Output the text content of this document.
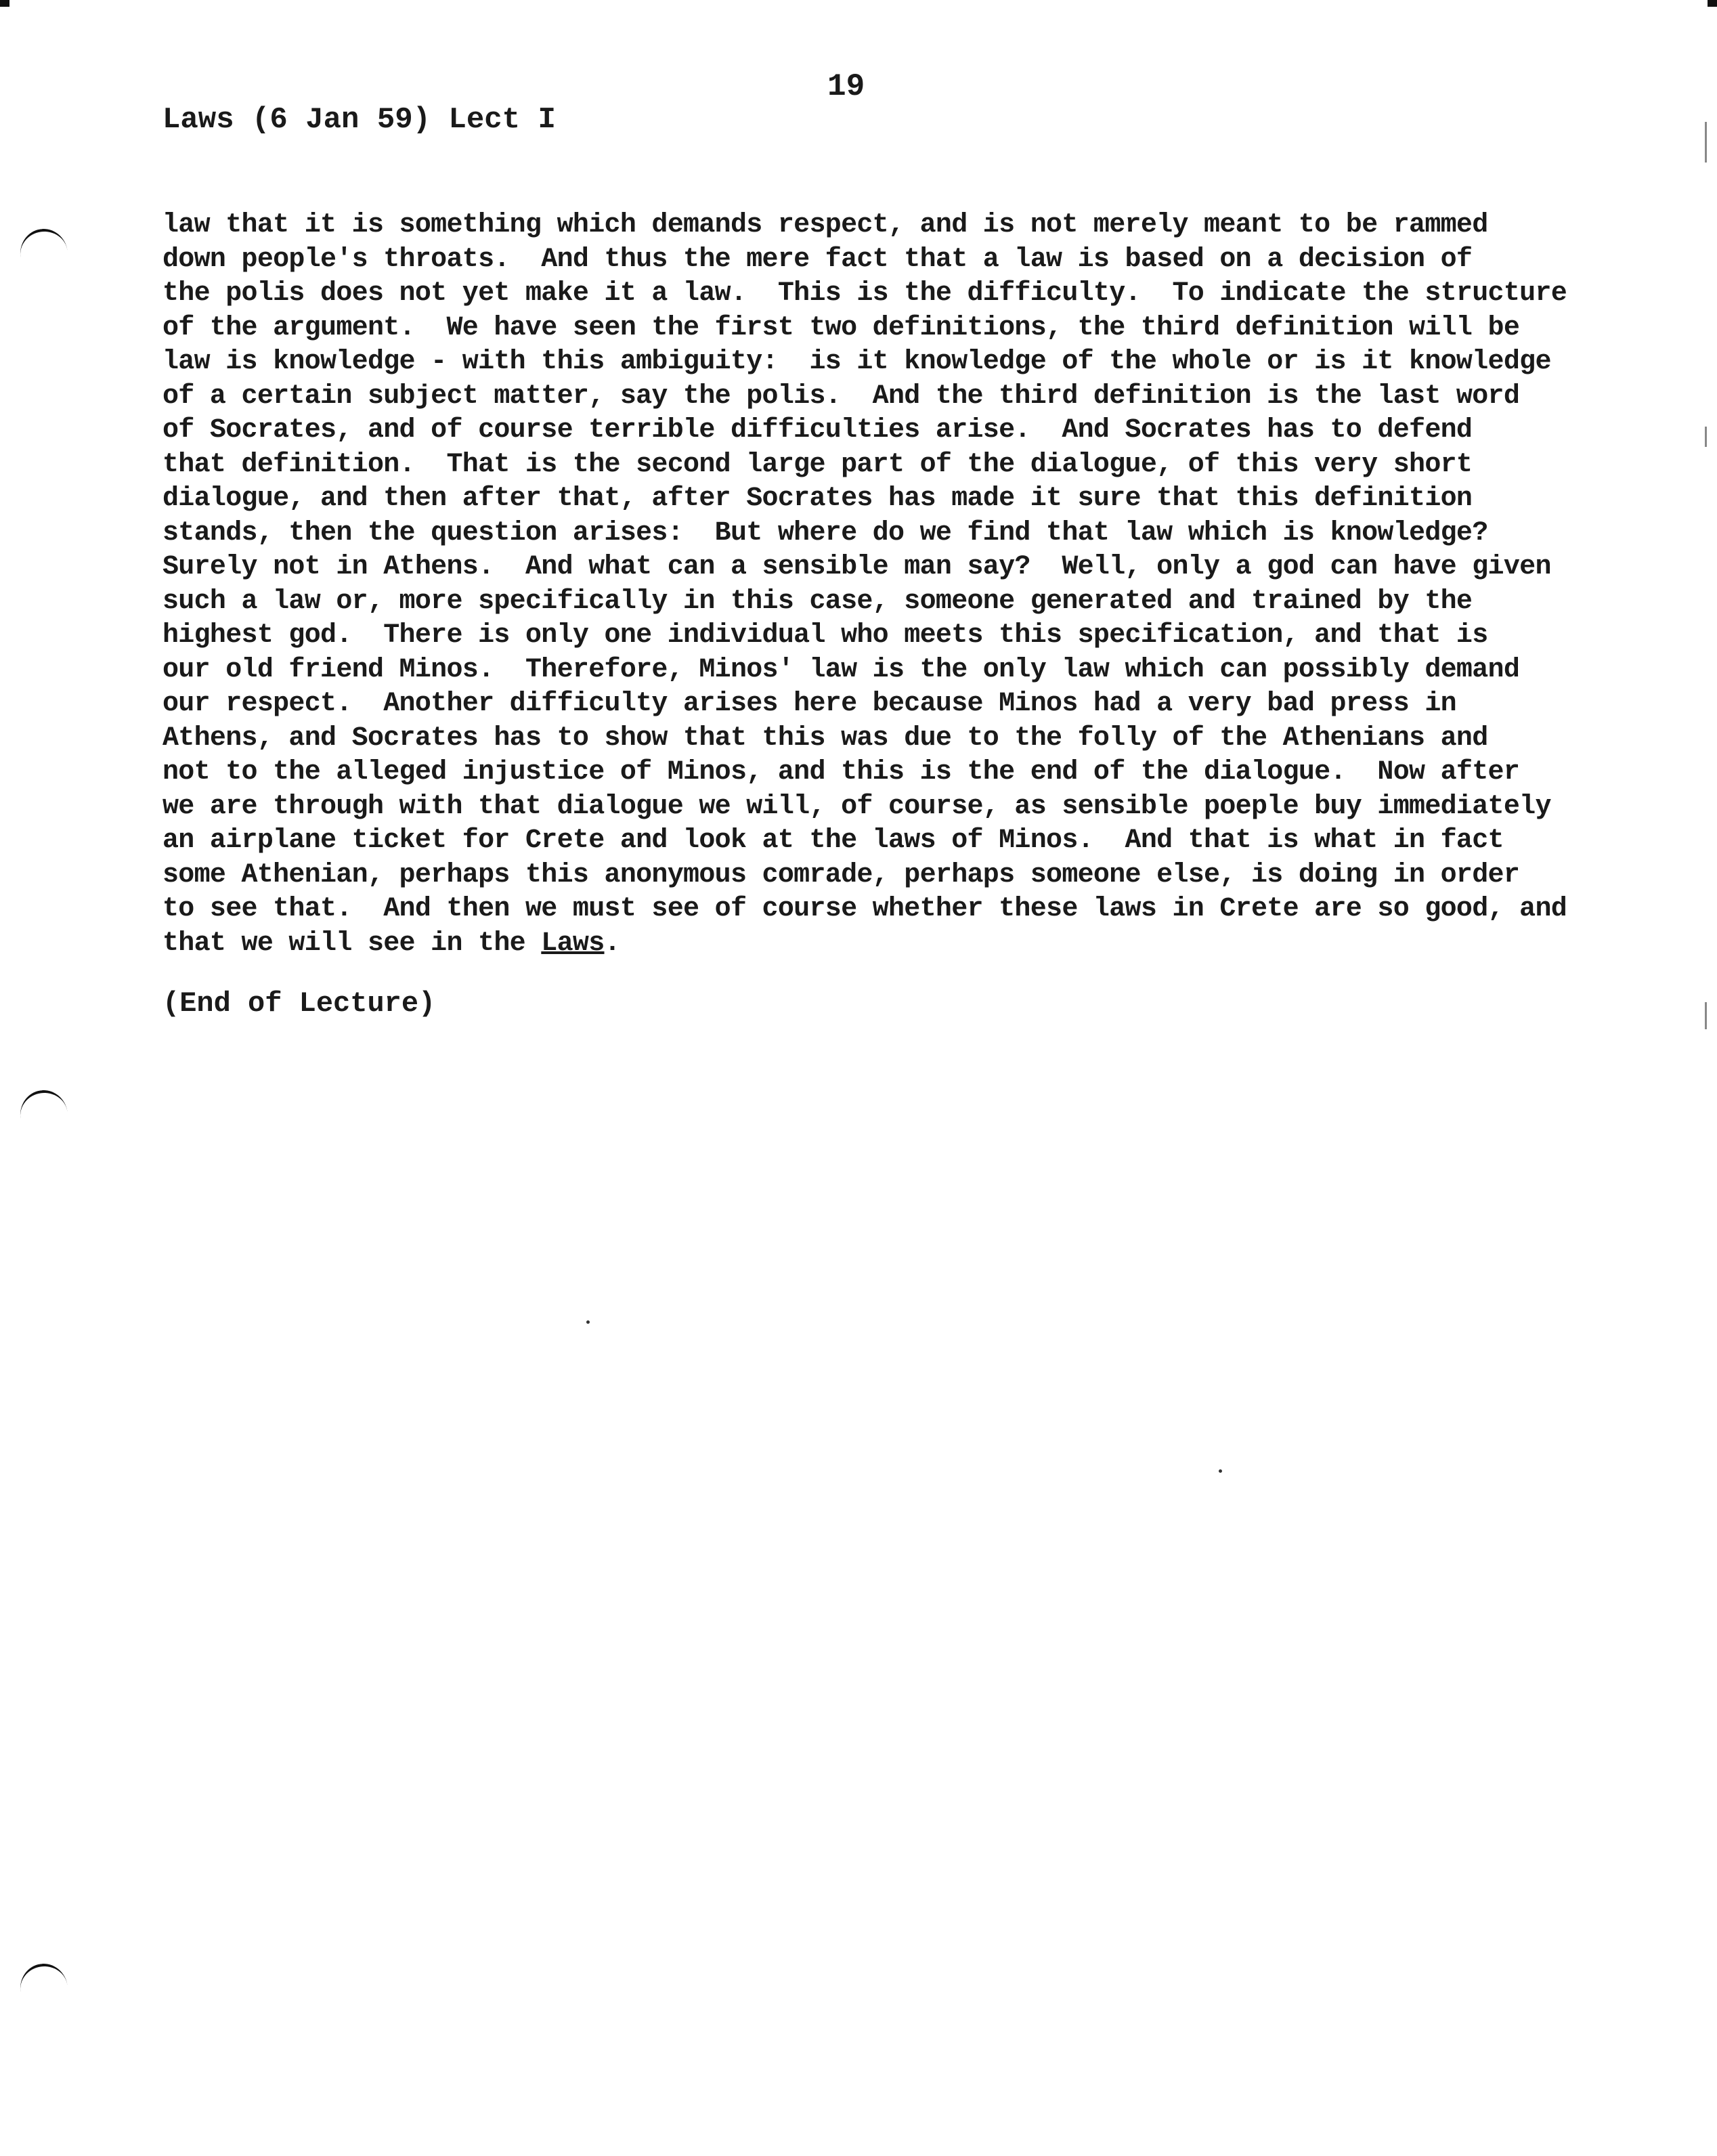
19
Laws (6 Jan 59) Lect I
law that it is something which demands respect, and is not merely meant to be rammed
down people's throats.  And thus the mere fact that a law is based on a decision of
the polis does not yet make it a law.  This is the difficulty.  To indicate the structure
of the argument.  We have seen the first two definitions, the third definition will be
law is knowledge - with this ambiguity:  is it knowledge of the whole or is it knowledge
of a certain subject matter, say the polis.  And the third definition is the last word
of Socrates, and of course terrible difficulties arise.  And Socrates has to defend
that definition.  That is the second large part of the dialogue, of this very short
dialogue, and then after that, after Socrates has made it sure that this definition
stands, then the question arises:  But where do we find that law which is knowledge?
Surely not in Athens.  And what can a sensible man say?  Well, only a god can have given
such a law or, more specifically in this case, someone generated and trained by the
highest god.  There is only one individual who meets this specification, and that is
our old friend Minos.  Therefore, Minos' law is the only law which can possibly demand
our respect.  Another difficulty arises here because Minos had a very bad press in
Athens, and Socrates has to show that this was due to the folly of the Athenians and
not to the alleged injustice of Minos, and this is the end of the dialogue.  Now after
we are through with that dialogue we will, of course, as sensible poeple buy immediately
an airplane ticket for Crete and look at the laws of Minos.  And that is what in fact
some Athenian, perhaps this anonymous comrade, perhaps someone else, is doing in order
to see that.  And then we must see of course whether these laws in Crete are so good, and
that we will see in the Laws.
(End of Lecture)
